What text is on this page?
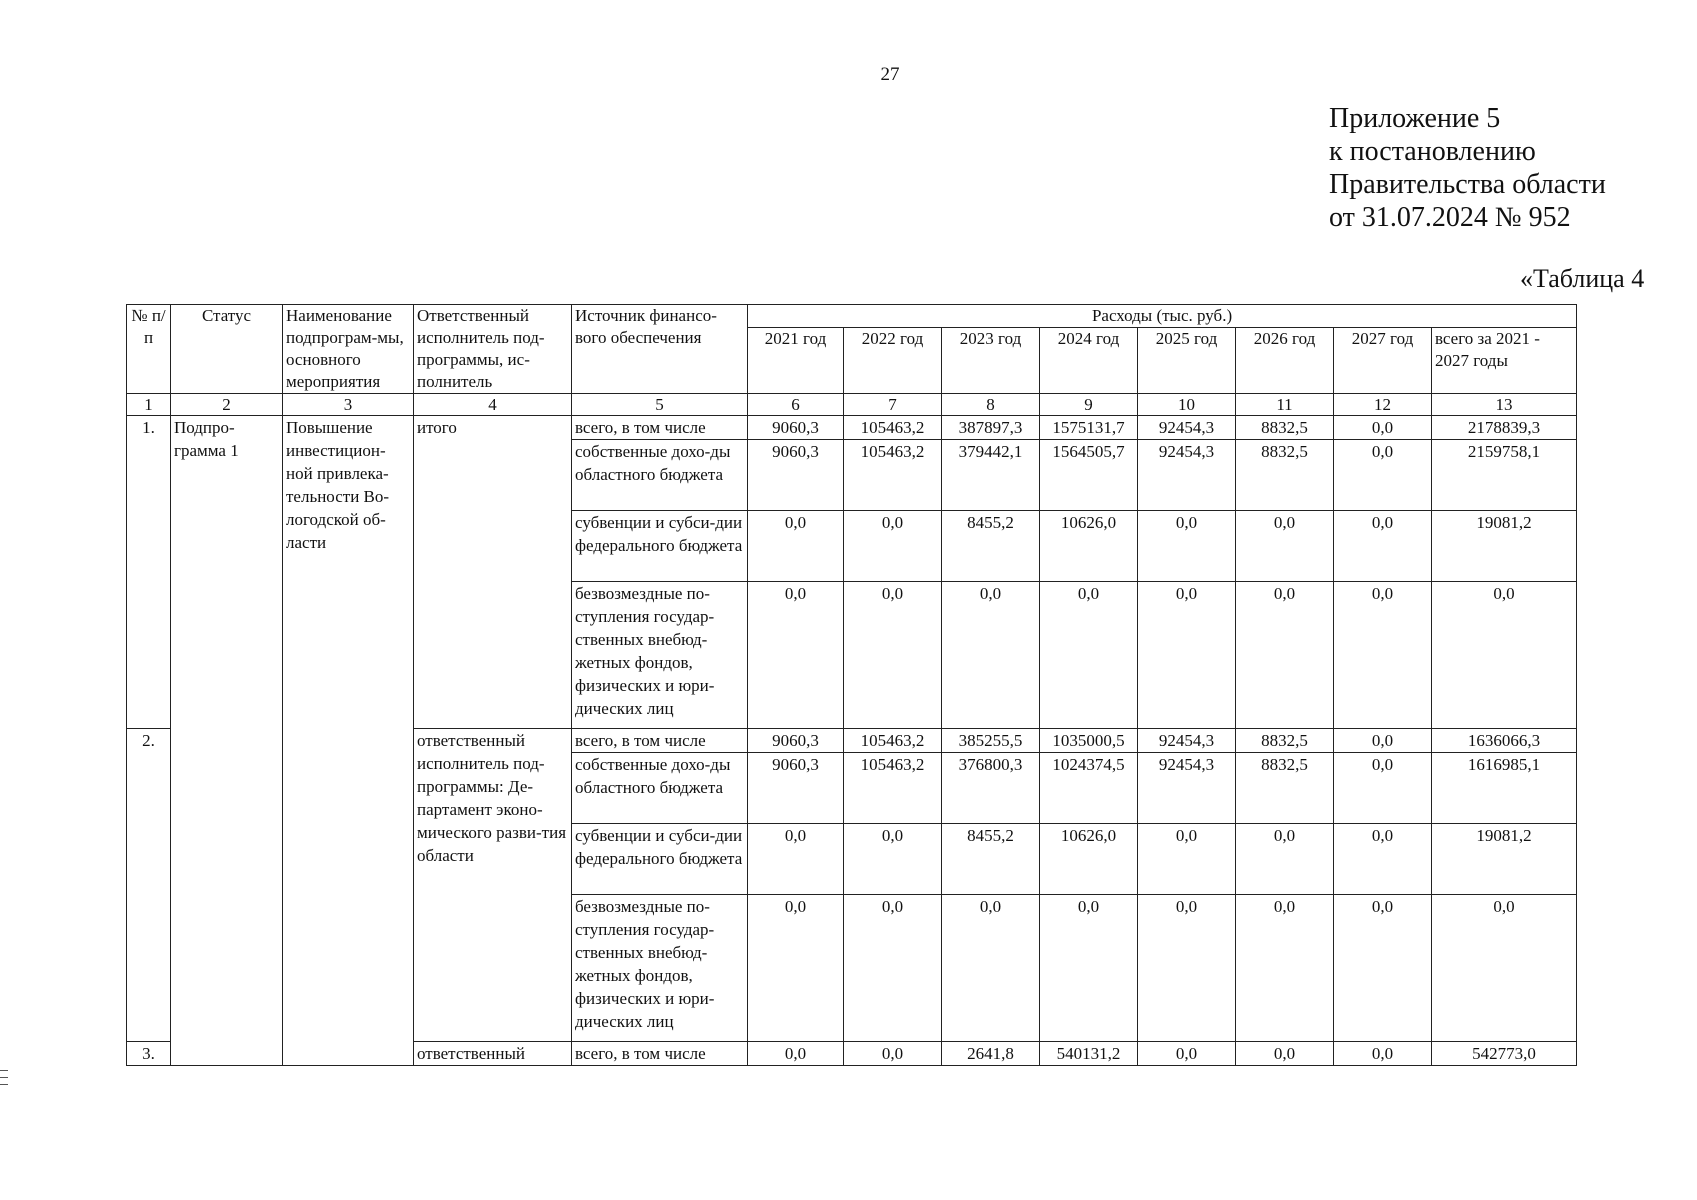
27
Приложение 5
к постановлению
Правительства области
от 31.07.2024 № 952
«Таблица 4
№ п/п	Статус	Наименование подпрограм-мы, основного мероприятия	Ответственный исполнитель под-программы, ис-полнитель	Источник финансо-вого обеспечения	Расходы (тыс. руб.)							
					2021 год	2022 год	2023 год	2024 год	2025 год	2026 год	2027 год	всего за 2021 - 2027 годы
1	2	3	4	5	6	7	8	9	10	11	12	13
1.	Подпро-грамма 1	Повышение инвестицион-ной привлека-тельности Во-логодской об-ласти	итого	всего, в том числе	9060,3	105463,2	387897,3	1575131,7	92454,3	8832,5	0,0	2178839,3
				собственные дохо-ды областного бюджета	9060,3	105463,2	379442,1	1564505,7	92454,3	8832,5	0,0	2159758,1
				субвенции и субси-дии федерального бюджета	0,0	0,0	8455,2	10626,0	0,0	0,0	0,0	19081,2
				безвозмездные по-ступления государ-ственных внебюд-жетных фондов, физических и юри-дических лиц	0,0	0,0	0,0	0,0	0,0	0,0	0,0	0,0
2.			ответственный исполнитель под-программы: Де-партамент эконо-мического разви-тия области	всего, в том числе	9060,3	105463,2	385255,5	1035000,5	92454,3	8832,5	0,0	1636066,3
				собственные дохо-ды областного бюджета	9060,3	105463,2	376800,3	1024374,5	92454,3	8832,5	0,0	1616985,1
				субвенции и субси-дии федерального бюджета	0,0	0,0	8455,2	10626,0	0,0	0,0	0,0	19081,2
				безвозмездные по-ступления государ-ственных внебюд-жетных фондов, физических и юри-дических лиц	0,0	0,0	0,0	0,0	0,0	0,0	0,0	0,0
3.			ответственный	всего, в том числе	0,0	0,0	2641,8	540131,2	0,0	0,0	0,0	542773,0
